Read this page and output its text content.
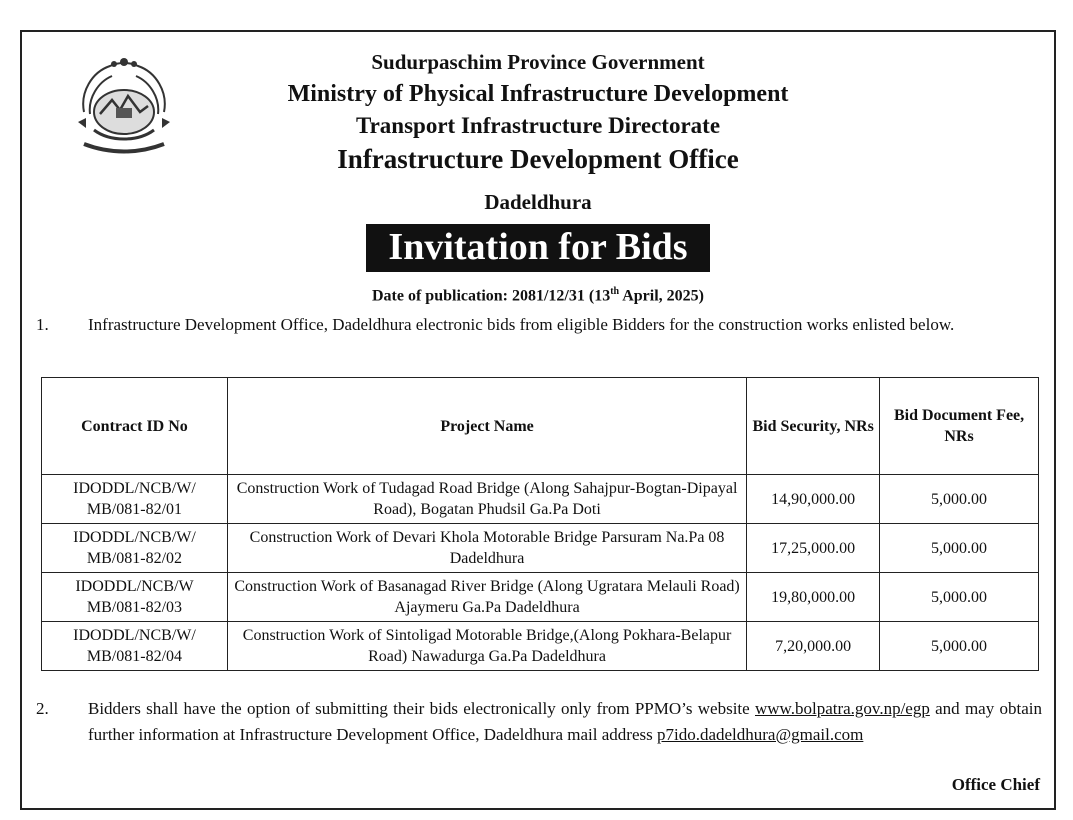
Sudurpaschim Province Government
Ministry of Physical Infrastructure Development
Transport Infrastructure Directorate
Infrastructure Development Office
Dadeldhura
Invitation for Bids
Date of publication: 2081/12/31 (13th April, 2025)
1. Infrastructure Development Office, Dadeldhura electronic bids from eligible Bidders for the construction works enlisted below.
Contract ID No	Project Name	Bid Security, NRs	Bid Document Fee, NRs
IDODDL/NCB/W/ MB/081-82/01	Construction Work of Tudagad Road Bridge (Along Sahajpur-Bogtan-Dipayal Road), Bogatan Phudsil Ga.Pa Doti	14,90,000.00	5,000.00
IDODDL/NCB/W/ MB/081-82/02	Construction Work of Devari Khola Motorable Bridge Parsuram Na.Pa 08 Dadeldhura	17,25,000.00	5,000.00
IDODDL/NCB/W MB/081-82/03	Construction Work of Basanagad River Bridge (Along Ugratara Melauli Road) Ajaymeru Ga.Pa Dadeldhura	19,80,000.00	5,000.00
IDODDL/NCB/W/ MB/081-82/04	Construction Work of Sintoligad Motorable Bridge,(Along Pokhara-Belapur Road) Nawadurga Ga.Pa Dadeldhura	7,20,000.00	5,000.00
2. Bidders shall have the option of submitting their bids electronically only from PPMO’s website www.bolpatra.gov.np/egp and may obtain further information at Infrastructure Development Office, Dadeldhura mail address p7ido.dadeldhura@gmail.com
Office Chief
